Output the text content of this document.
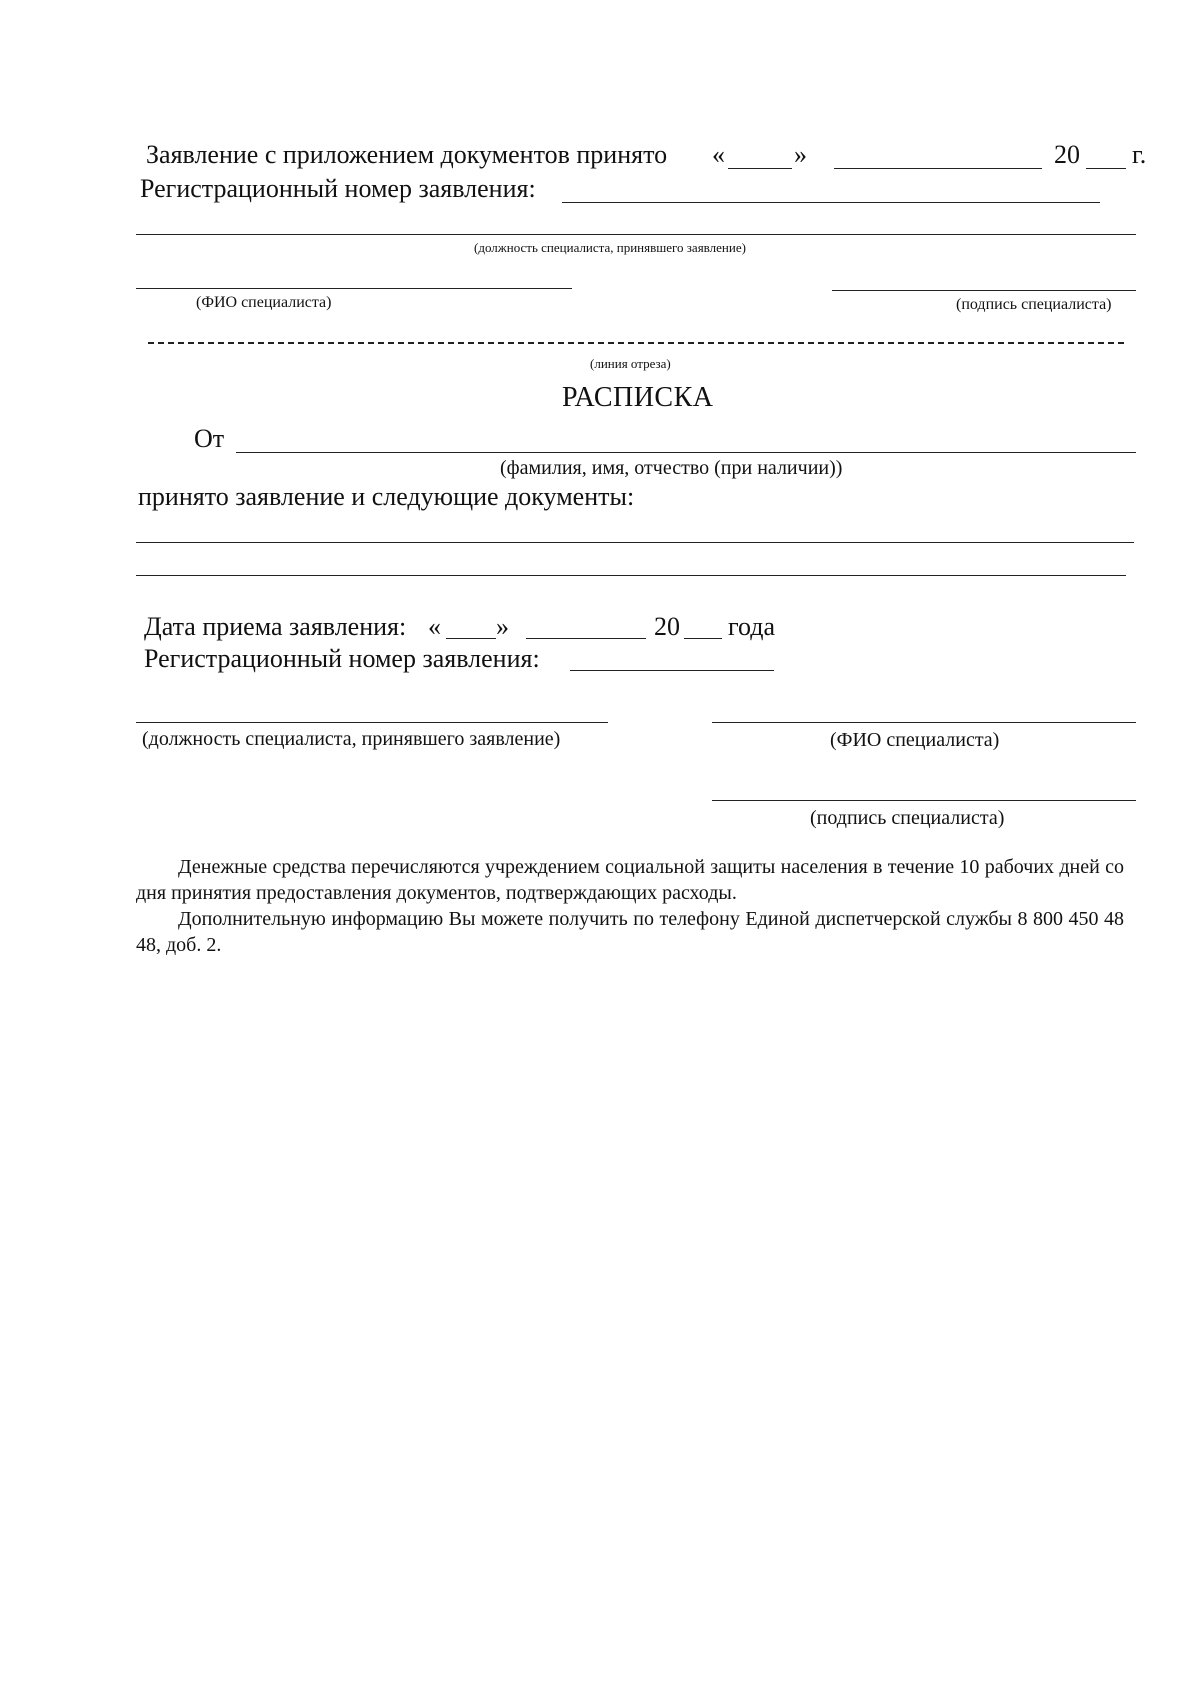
Заявление с приложением документов принято «	»	20 г.
Регистрационный номер заявления:
(должность специалиста, принявшего заявление)
(ФИО специалиста)	(подпись специалиста)
(линия отреза)
РАСПИСКА
От
(фамилия, имя, отчество (при наличии))
принято заявление и следующие документы:
Дата приема заявления: « »	20 года
Регистрационный номер заявления:
(должность специалиста, принявшего заявление)	(ФИО специалиста)
(подпись специалиста)

Денежные средства перечисляются учреждением социальной защиты населения в течение 10 рабочих дней со дня принятия предоставления документов, подтверждающих расходы.

Дополнительную информацию Вы можете получить по телефону Единой диспетчерской службы 8 800 450 48 48, доб. 2.
